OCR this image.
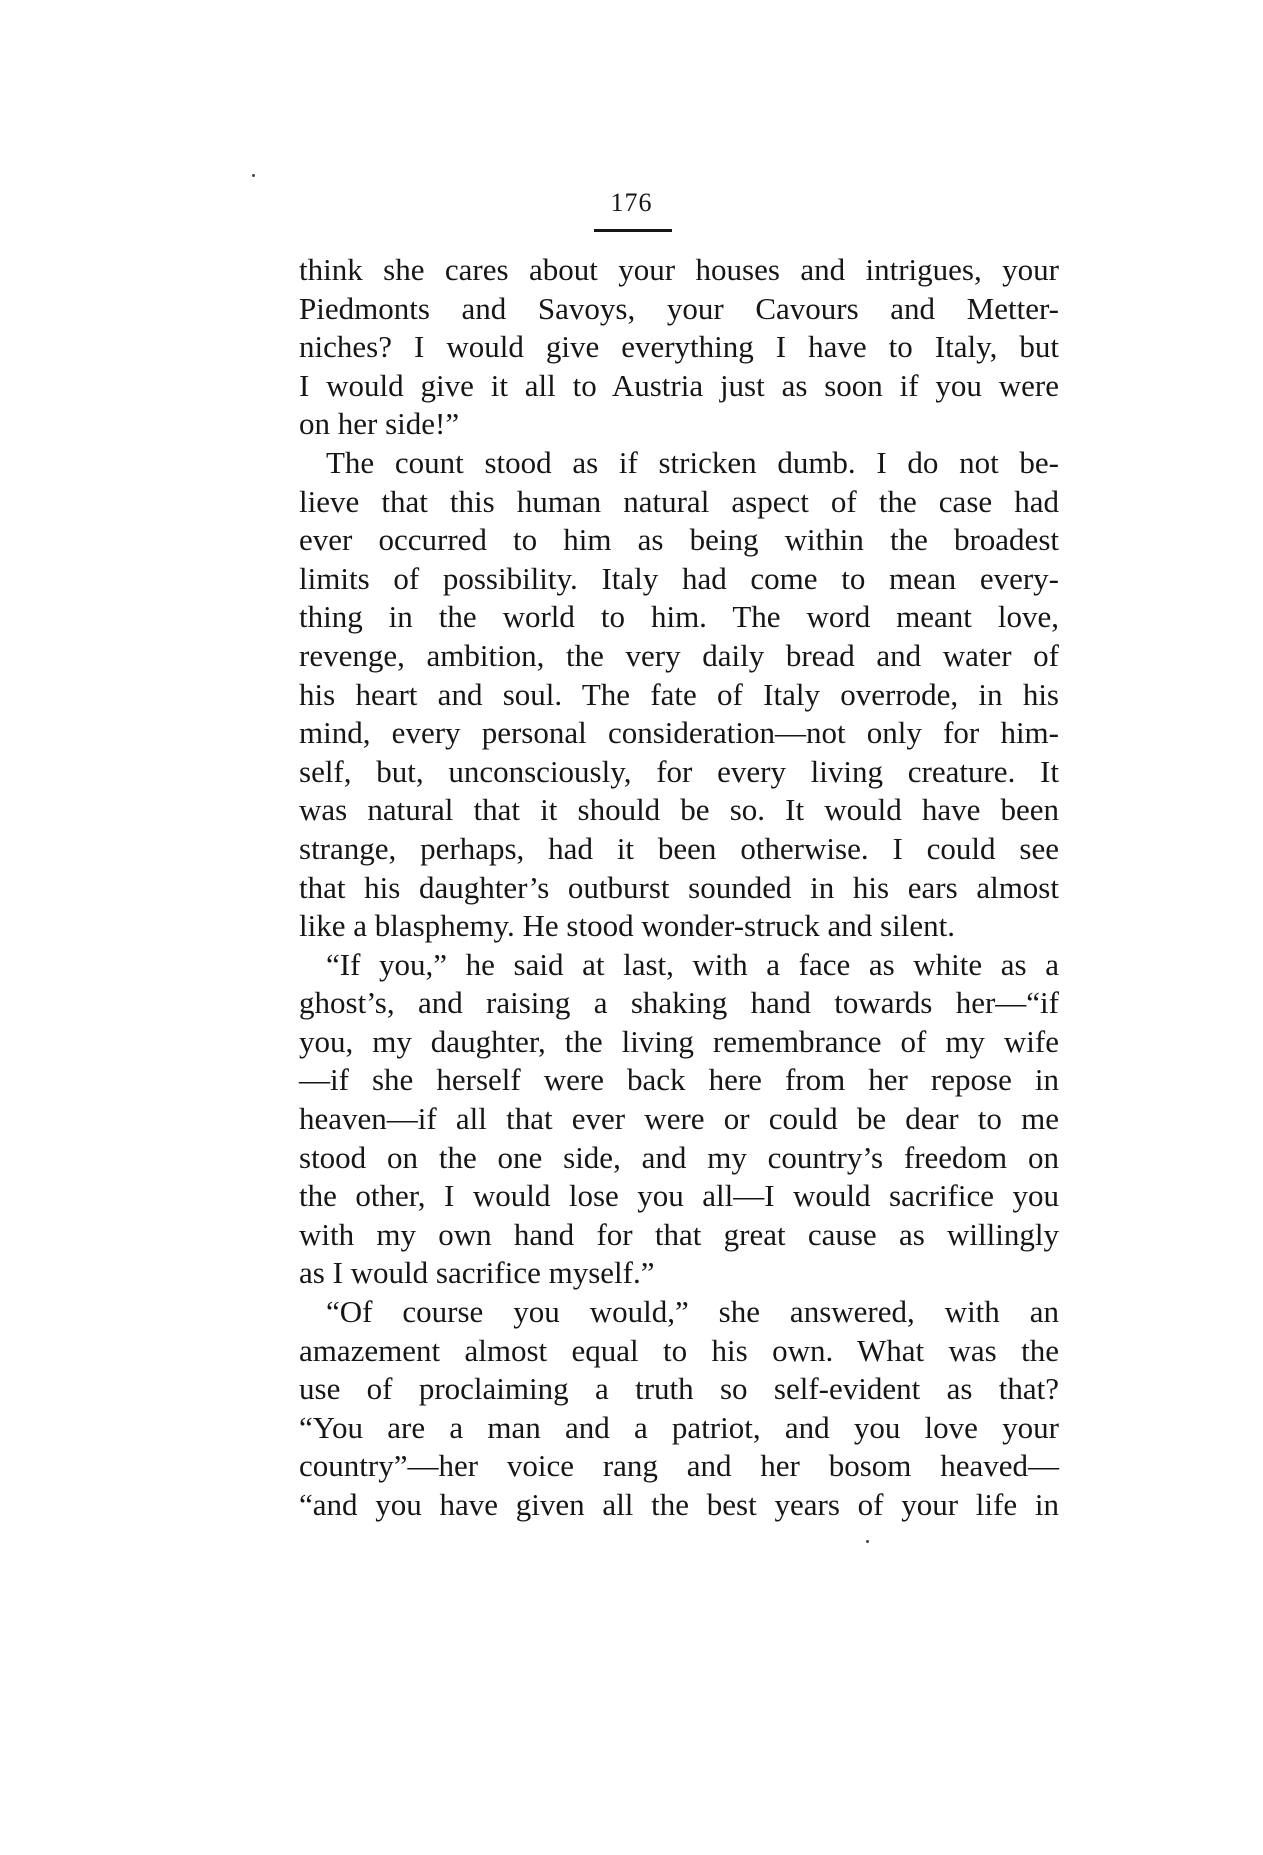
176
think she cares about your houses and intrigues, your
Piedmonts and Savoys, your Cavours and Metter-
niches? I would give everything I have to Italy, but
I would give it all to Austria just as soon if you were
on her side!”
The count stood as if stricken dumb. I do not be-
lieve that this human natural aspect of the case had
ever occurred to him as being within the broadest
limits of possibility. Italy had come to mean every-
thing in the world to him. The word meant love,
revenge, ambition, the very daily bread and water of
his heart and soul. The fate of Italy overrode, in his
mind, every personal consideration—not only for him-
self, but, unconsciously, for every living creature. It
was natural that it should be so. It would have been
strange, perhaps, had it been otherwise. I could see
that his daughter’s outburst sounded in his ears almost
like a blasphemy. He stood wonder-struck and silent.
“If you,” he said at last, with a face as white as a
ghost’s, and raising a shaking hand towards her—“if
you, my daughter, the living remembrance of my wife
—if she herself were back here from her repose in
heaven—if all that ever were or could be dear to me
stood on the one side, and my country’s freedom on
the other, I would lose you all—I would sacrifice you
with my own hand for that great cause as willingly
as I would sacrifice myself.”
“Of course you would,” she answered, with an
amazement almost equal to his own. What was the
use of proclaiming a truth so self-evident as that?
“You are a man and a patriot, and you love your
country”—her voice rang and her bosom heaved—
“and you have given all the best years of your life in
